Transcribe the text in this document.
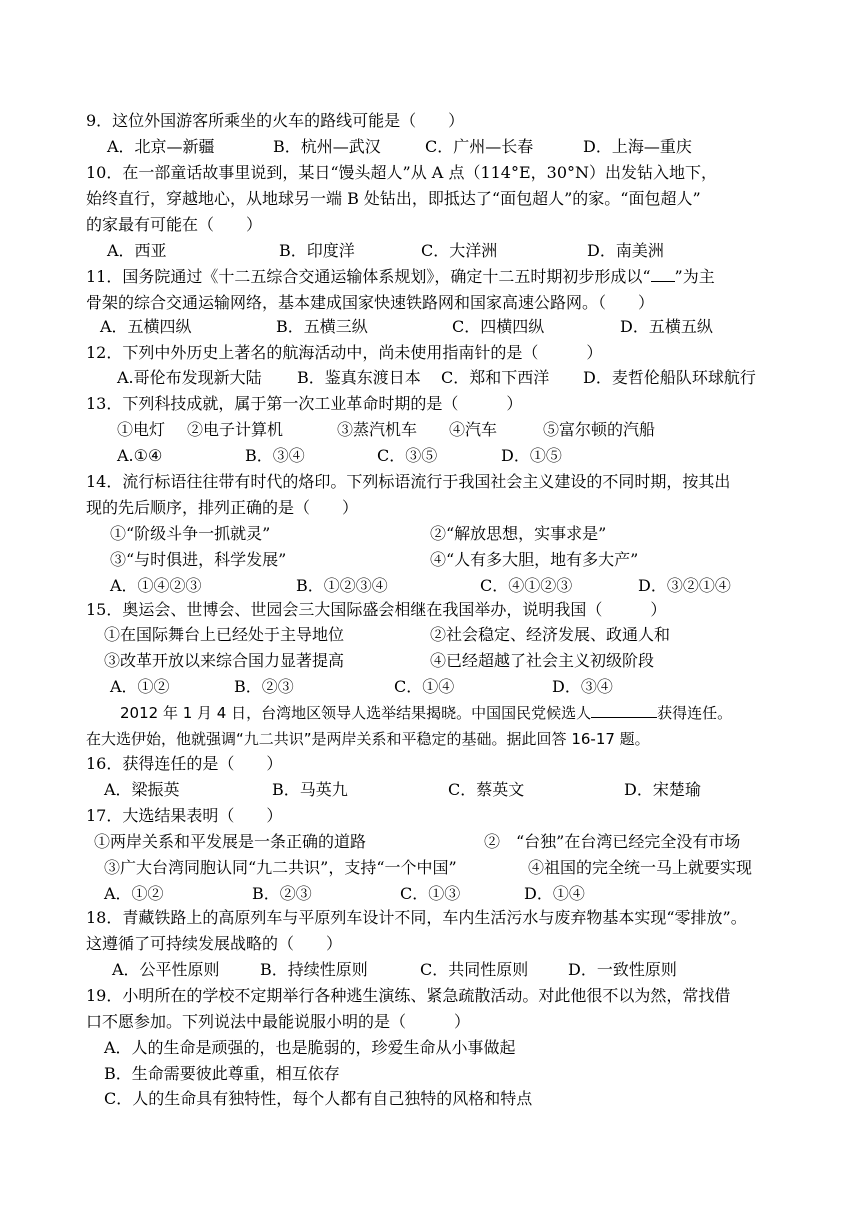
9．这位外国游客所乘坐的火车的路线可能是（　　）

A．北京—新疆

	B．杭州—武汉

	C．广州—长春

	D．上海—重庆

10．在一部童话故事里说到，某日“馒头超人”从 A 点（114°E，30°N）出发钻入地下，
始终直行，穿越地心，从地球另一端 B 处钻出，即抵达了“面包超人”的家。“面包超人”
的家最有可能在（　　）

A．西亚

	B．印度洋

	C．大洋洲

	D．南美洲

11．国务院通过《十二五综合交通运输体系规划》，确定十二五时期初步形成以“ ”为主
骨架的综合交通运输网络，基本建成国家快速铁路网和国家高速公路网。（　　）

A．五横四纵

	B．五横三纵

	C．四横四纵

	D．五横五纵

12．下列中外历史上著名的航海活动中，尚未使用指南针的是（　　　）

A.哥伦布发现新大陆

B．鉴真东渡日本

C．郑和下西洋

D．麦哲伦船队环球航行

13．下列科技成就，属于第一次工业革命时期的是（　　　）

①电灯

②电子计算机

	③蒸汽机车

④汽车

	⑤富尔顿的汽船

A.①④

	B．③④

	C．③⑤

	D．①⑤

14．流行标语往往带有时代的烙印。下列标语流行于我国社会主义建设的不同时期，按其出
现的先后顺序，排列正确的是（　　）

①“阶级斗争一抓就灵”

	②“解放思想，实事求是”

③“与时俱进，科学发展”

	④“人有多大胆，地有多大产”

A．①④②③

	B．①②③④

	C．④①②③

	D．③②①④

15．奥运会、世博会、世园会三大国际盛会相继在我国举办，说明我国（　　　）

①在国际舞台上已经处于主导地位

	②社会稳定、经济发展、政通人和

③改革开放以来综合国力显著提高

	④已经超越了社会主义初级阶段

A．①②

	B．②③

	C．①④

	D．③④

2012 年 1 月 4 日，台湾地区领导人选举结果揭晓。中国国民党候选人	获得连任。
在大选伊始，他就强调“九二共识”是两岸关系和平稳定的基础。据此回答 16-17 题。
16．获得连任的是（　　）

A．梁振英

	B．马英九

	C．蔡英文

	D．宋楚瑜

17．大选结果表明（　　）

①两岸关系和平发展是一条正确的道路

	②　“台独”在台湾已经完全没有市场

③广大台湾同胞认同“九二共识”，支持“一个中国”

	④祖国的完全统一马上就要实现

A．①②

	B．②③

	C．①③

	D．①④

18．青藏铁路上的高原列车与平原列车设计不同，车内生活污水与废弃物基本实现“零排放”。
这遵循了可持续发展战略的（　　）

A．公平性原则

	B．持续性原则

	C．共同性原则

D．一致性原则

19．小明所在的学校不定期举行各种逃生演练、紧急疏散活动。对此他很不以为然，常找借
口不愿参加。下列说法中最能说服小明的是（　　　）
A．人的生命是顽强的，也是脆弱的，珍爱生命从小事做起
B．生命需要彼此尊重，相互依存
C．人的生命具有独特性，每个人都有自己独特的风格和特点
